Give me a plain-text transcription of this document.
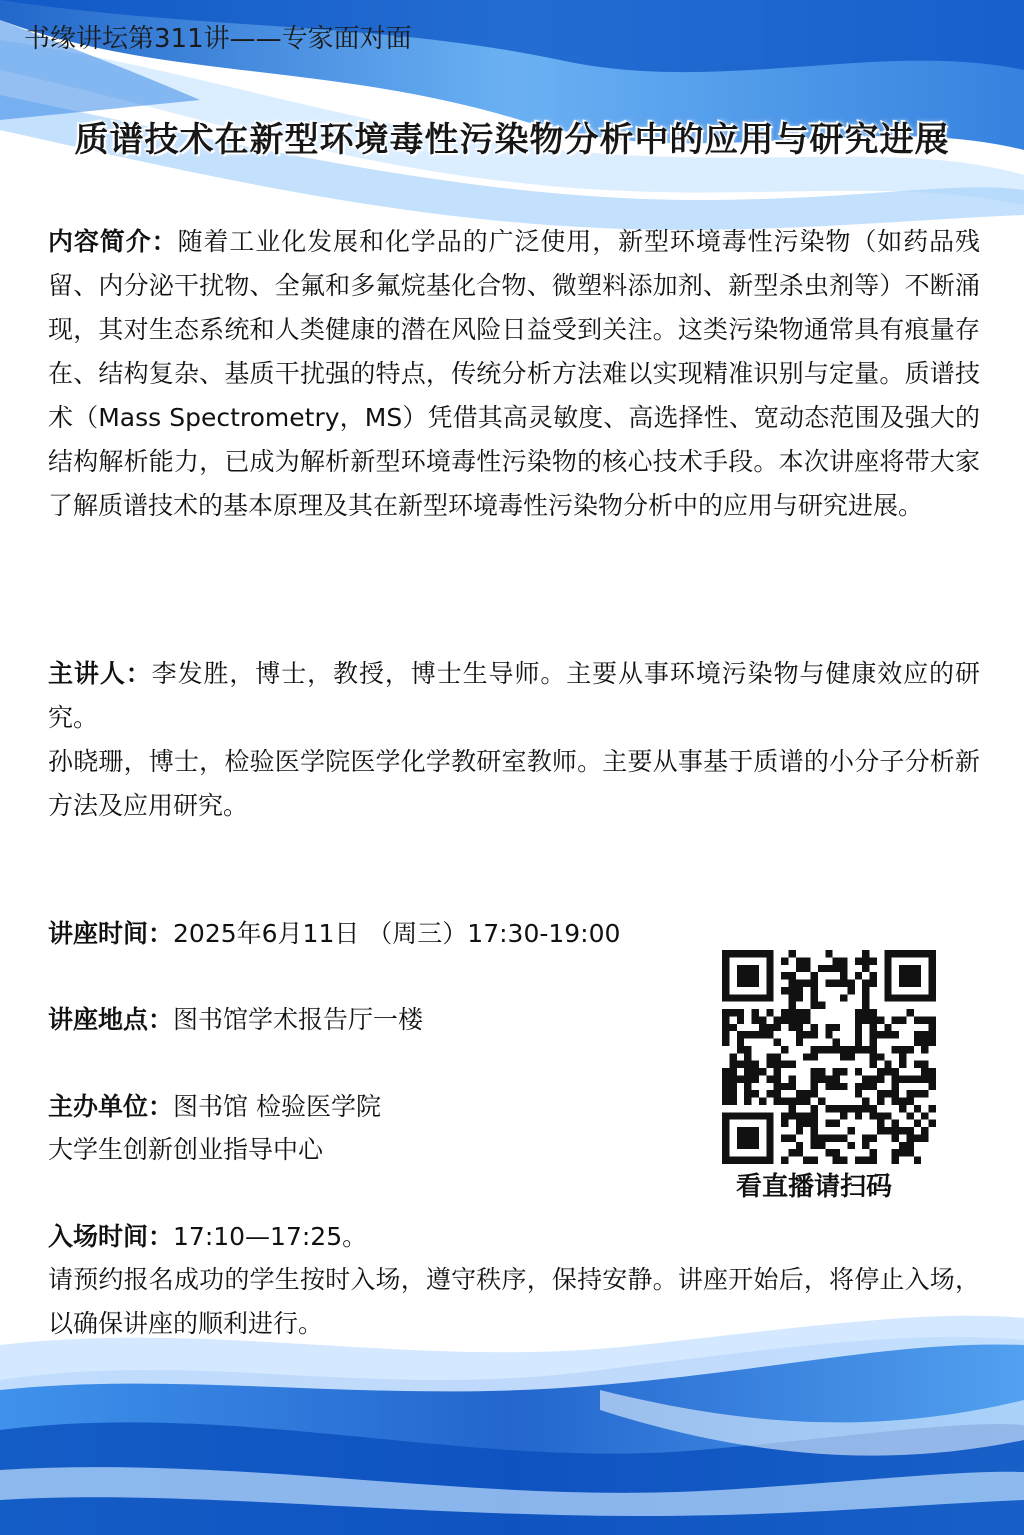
书缘讲坛第311讲——专家面对面
质谱技术在新型环境毒性污染物分析中的应用与研究进展
内容简介：随着工业化发展和化学品的广泛使用，新型环境毒性污染物（如药品残留、内分泌干扰物、全氟和多氟烷基化合物、微塑料添加剂、新型杀虫剂等）不断涌现，其对生态系统和人类健康的潜在风险日益受到关注。这类污染物通常具有痕量存在、结构复杂、基质干扰强的特点，传统分析方法难以实现精准识别与定量。质谱技术（Mass Spectrometry，MS）凭借其高灵敏度、高选择性、宽动态范围及强大的结构解析能力，已成为解析新型环境毒性污染物的核心技术手段。本次讲座将带大家了解质谱技术的基本原理及其在新型环境毒性污染物分析中的应用与研究进展。
主讲人：李发胜，博士，教授，博士生导师。主要从事环境污染物与健康效应的研究。
孙晓珊，博士，检验医学院医学化学教研室教师。主要从事基于质谱的小分子分析新方法及应用研究。
讲座时间：2025年6月11日 （周三）17:30-19:00
讲座地点：图书馆学术报告厅一楼
主办单位：图书馆 检验医学院
大学生创新创业指导中心
入场时间：17:10—17:25。
请预约报名成功的学生按时入场，遵守秩序，保持安静。讲座开始后，将停止入场，以确保讲座的顺利进行。
看直播请扫码
